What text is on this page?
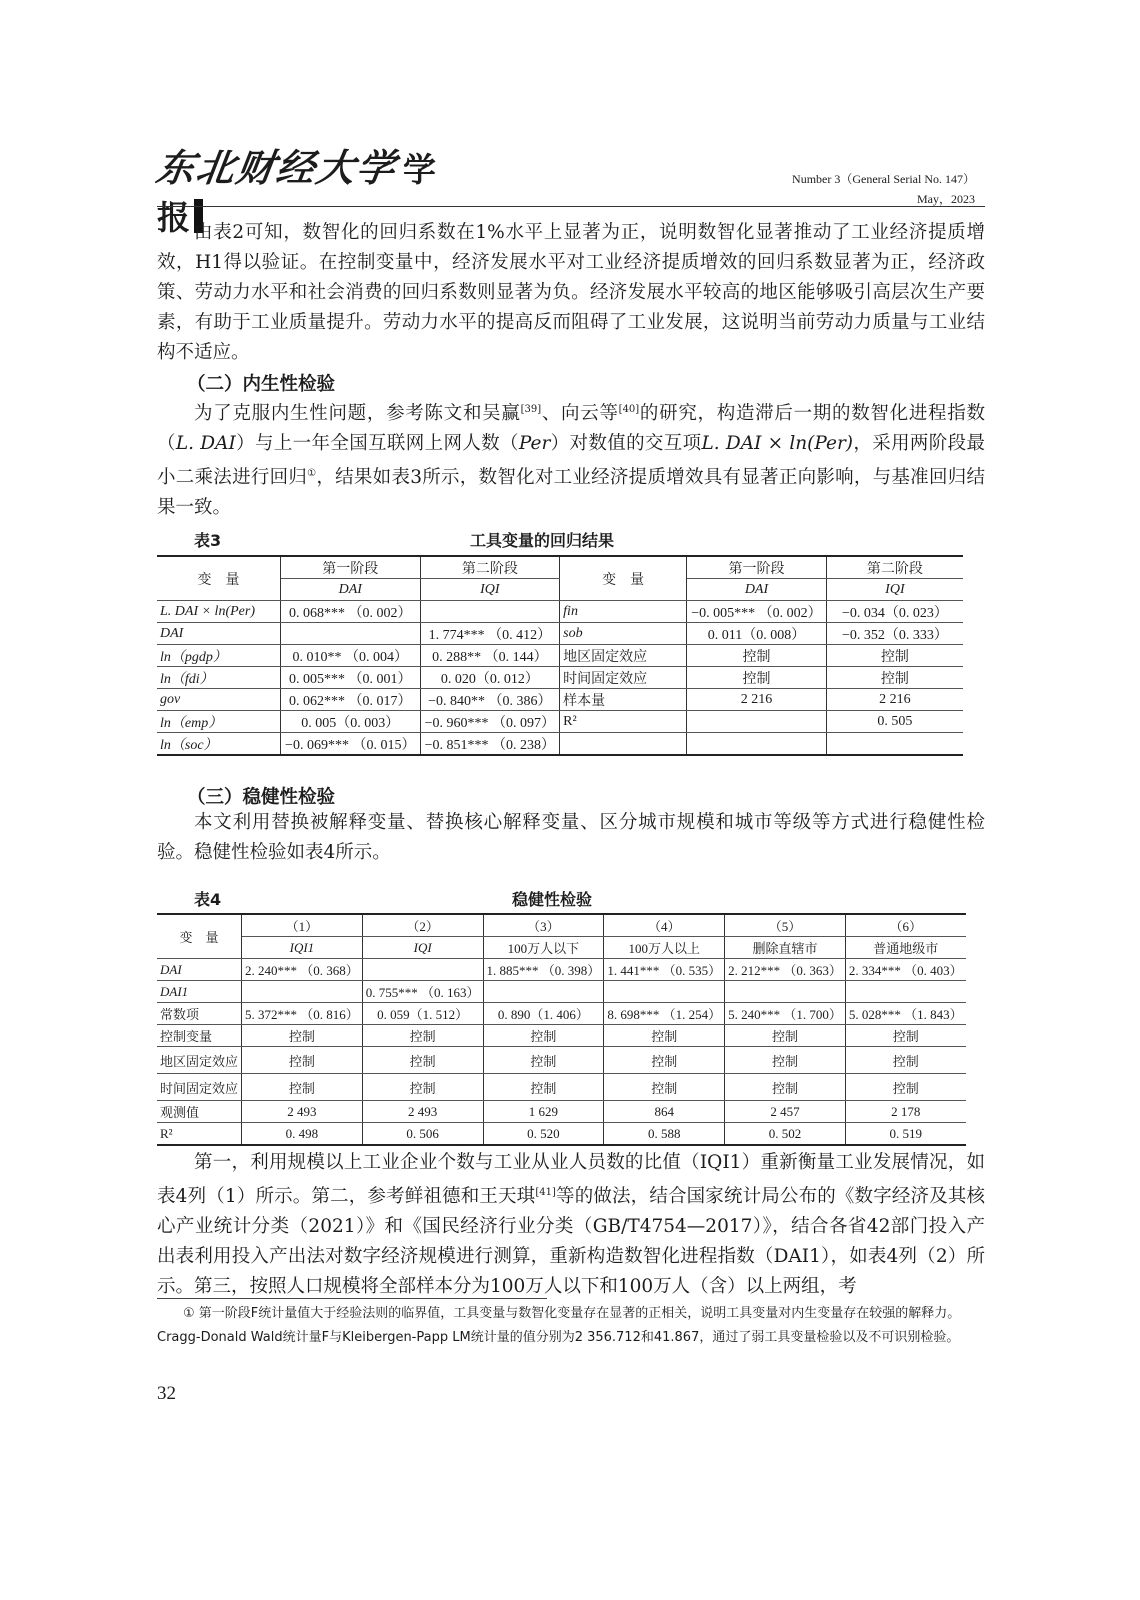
东北财经大学学报
Number 3（General Serial No. 147）
May，2023
由表2可知，数智化的回归系数在1%水平上显著为正，说明数智化显著推动了工业经济提质增效，H1得以验证。在控制变量中，经济发展水平对工业经济提质增效的回归系数显著为正，经济政策、劳动力水平和社会消费的回归系数则显著为负。经济发展水平较高的地区能够吸引高层次生产要素，有助于工业质量提升。劳动力水平的提高反而阻碍了工业发展，这说明当前劳动力质量与工业结构不适应。
（二）内生性检验
为了克服内生性问题，参考陈文和吴赢[39]、向云等[40]的研究，构造滞后一期的数智化进程指数（L. DAI）与上一年全国互联网上网人数（Per）对数值的交互项L. DAI × ln(Per)，采用两阶段最小二乘法进行回归①，结果如表3所示，数智化对工业经济提质增效具有显著正向影响，与基准回归结果一致。
表3	工具变量的回归结果
变　量	第一阶段	第二阶段	变　量	第一阶段	第二阶段
	DAI	IQI		DAI	IQI
L. DAI × ln(Per)	0. 068*** （0. 002）		fin	−0. 005*** （0. 002）	−0. 034（0. 023）
DAI		1. 774*** （0. 412）	sob	0. 011（0. 008）	−0. 352（0. 333）
ln（pgdp）	0. 010** （0. 004）	0. 288** （0. 144）	地区固定效应	控制	控制
ln（fdi）	0. 005*** （0. 001）	0. 020（0. 012）	时间固定效应	控制	控制
gov	0. 062*** （0. 017）	−0. 840** （0. 386）	样本量	2 216	2 216
ln（emp）	0. 005（0. 003）	−0. 960*** （0. 097）	R²		0. 505
ln（soc）	−0. 069*** （0. 015）	−0. 851*** （0. 238）			
（三）稳健性检验
本文利用替换被解释变量、替换核心解释变量、区分城市规模和城市等级等方式进行稳健性检验。稳健性检验如表4所示。
表4	稳健性检验
变　量	（1）	（2）	（3）	（4）	（5）	（6）
	IQI1	IQI	100万人以下	100万人以上	删除直辖市	普通地级市
DAI	2. 240*** （0. 368）		1. 885*** （0. 398）	1. 441*** （0. 535）	2. 212*** （0. 363）	2. 334*** （0. 403）
DAI1		0. 755*** （0. 163）				
常数项	5. 372*** （0. 816）	0. 059（1. 512）	0. 890（1. 406）	8. 698*** （1. 254）	5. 240*** （1. 700）	5. 028*** （1. 843）
控制变量	控制	控制	控制	控制	控制	控制
地区固定效应	控制	控制	控制	控制	控制	控制
时间固定效应	控制	控制	控制	控制	控制	控制
观测值	2 493	2 493	1 629	864	2 457	2 178
R²	0. 498	0. 506	0. 520	0. 588	0. 502	0. 519
第一，利用规模以上工业企业个数与工业从业人员数的比值（IQI1）重新衡量工业发展情况，如表4列（1）所示。第二，参考鲜祖德和王天琪[41]等的做法，结合国家统计局公布的《数字经济及其核心产业统计分类（2021）》和《国民经济行业分类（GB/T4754—2017）》，结合各省42部门投入产出表利用投入产出法对数字经济规模进行测算，重新构造数智化进程指数（DAI1），如表4列（2）所示。第三，按照人口规模将全部样本分为100万人以下和100万人（含）以上两组，考
① 第一阶段F统计量值大于经验法则的临界值，工具变量与数智化变量存在显著的正相关，说明工具变量对内生变量存在较强的解释力。Cragg-Donald Wald统计量F与Kleibergen-Papp LM统计量的值分别为2 356.712和41.867，通过了弱工具变量检验以及不可识别检验。
32
